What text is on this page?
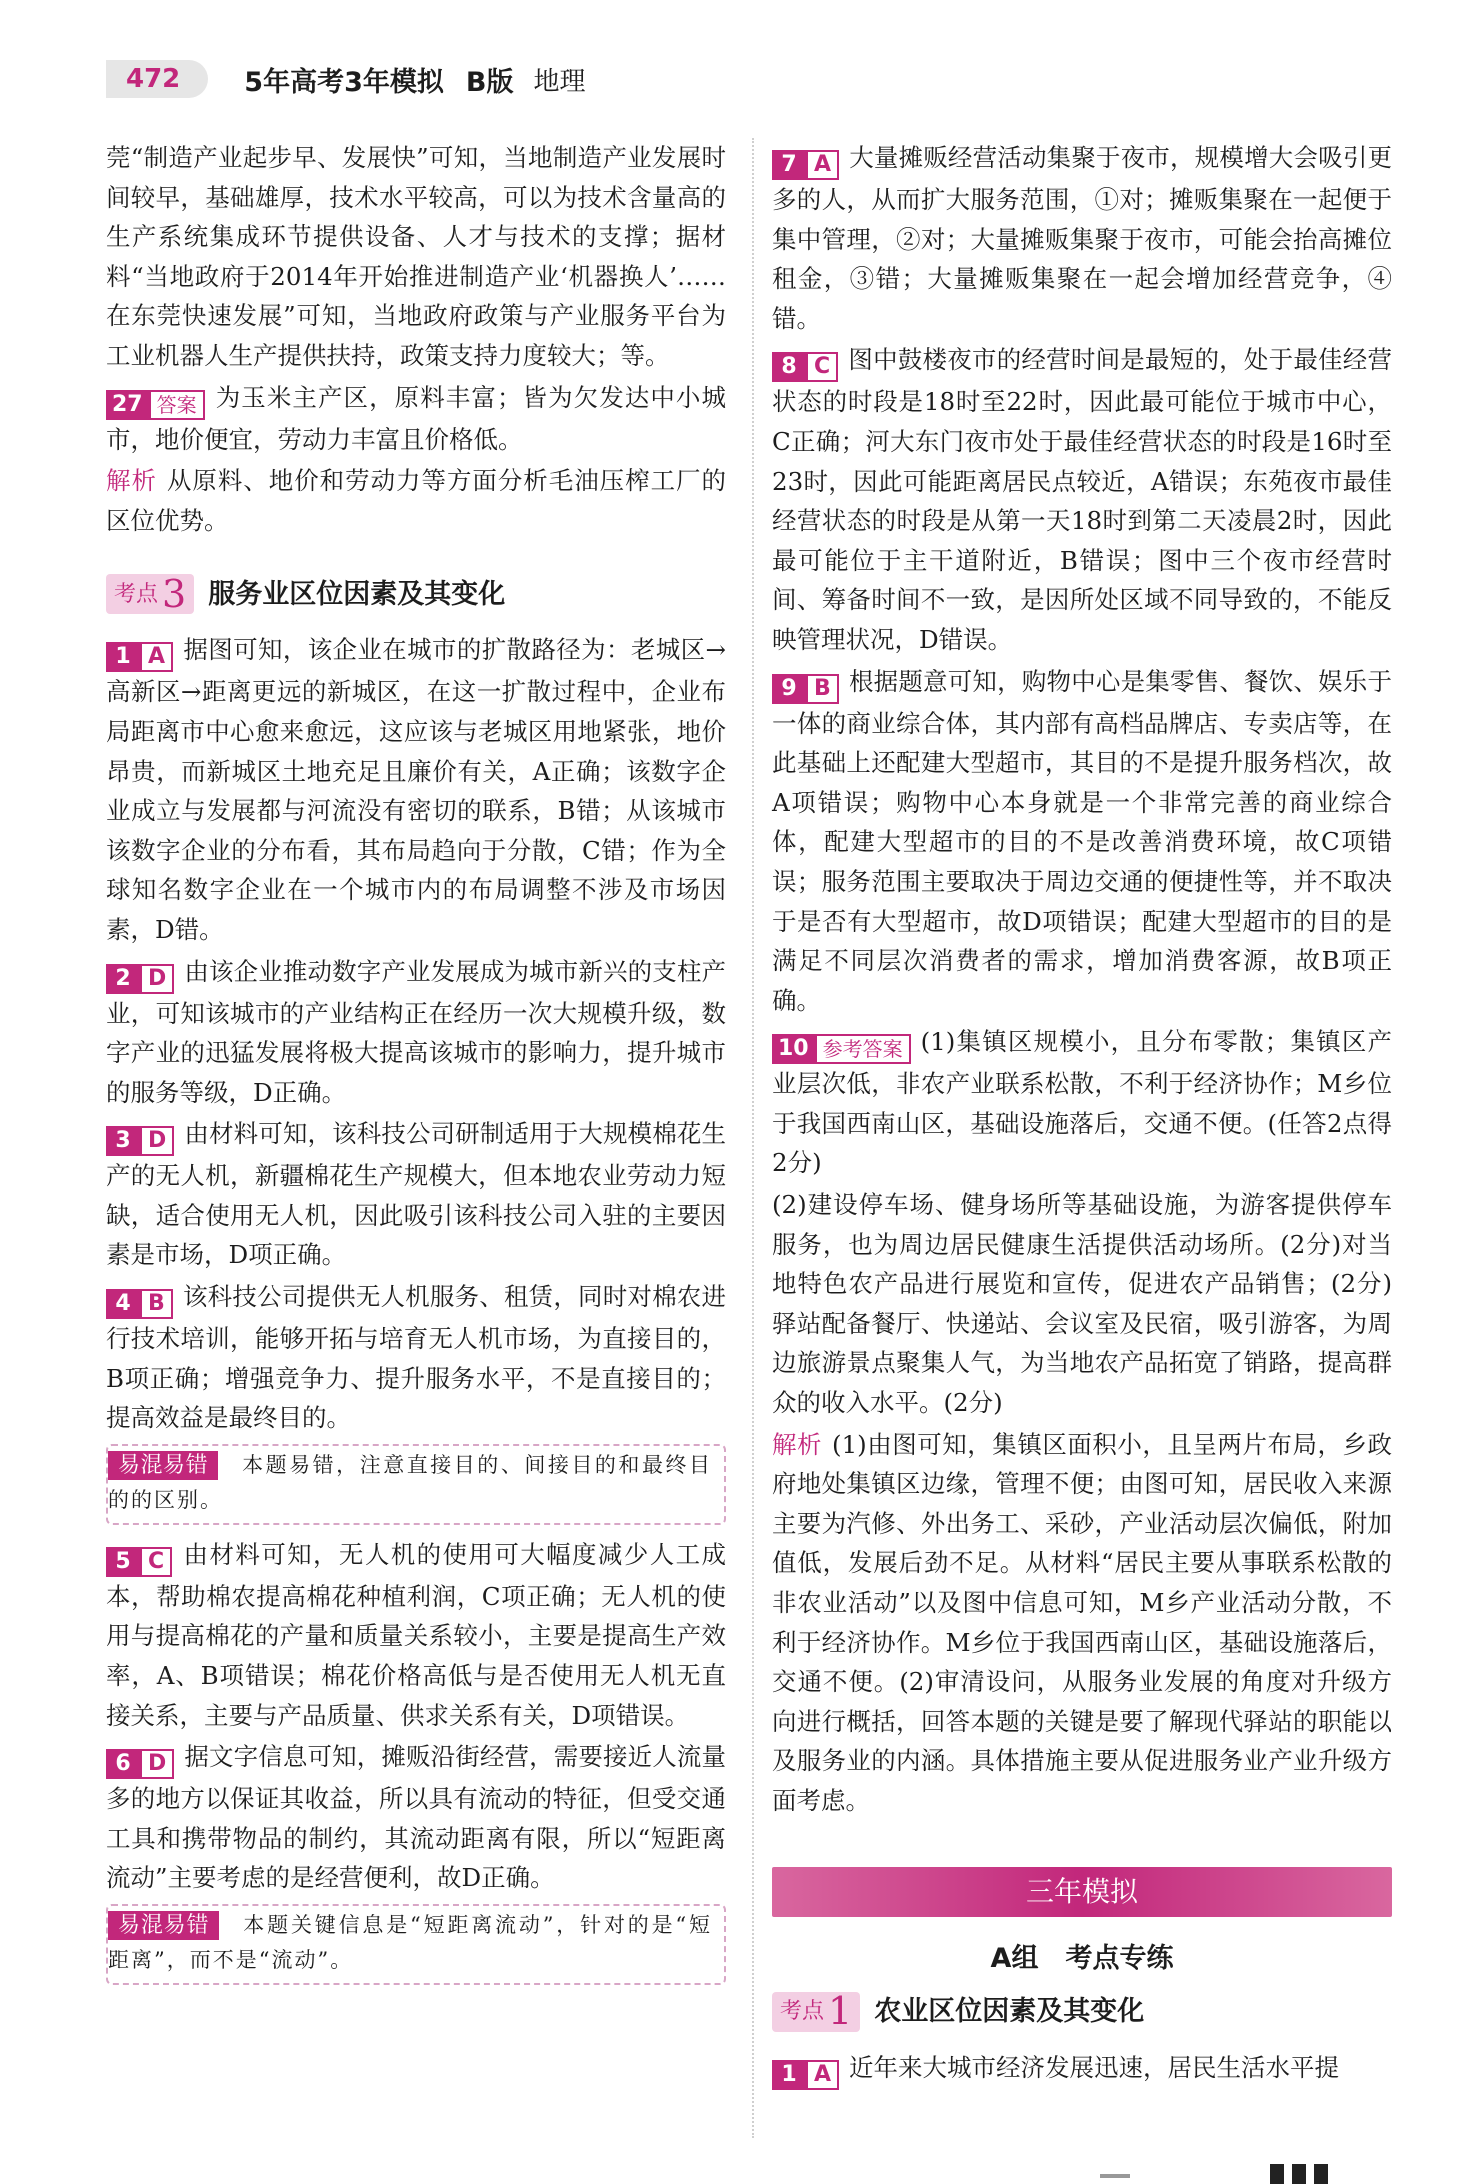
472	5年高考3年模拟 B版 地理

莞“制造产业起步早、发展快”可知，当地制造产业发展时间较早，基础雄厚，技术水平较高，可以为技术含量高的生产系统集成环节提供设备、人才与技术的支撑；据材料“当地政府于2014年开始推进制造产业‘机器换人’……在东莞快速发展”可知，当地政府政策与产业服务平台为工业机器人生产提供扶持，政策支持力度较大；等。

27 答案 为玉米主产区，原料丰富；皆为欠发达中小城市，地价便宜，劳动力丰富且价格低。

解析 从原料、地价和劳动力等方面分析毛油压榨工厂的区位优势。

考点 3 服务业区位因素及其变化

1 A 据图可知，该企业在城市的扩散路径为：老城区→高新区→距离更远的新城区，在这一扩散过程中，企业布局距离市中心愈来愈远，这应该与老城区用地紧张，地价昂贵，而新城区土地充足且廉价有关，A正确；该数字企业成立与发展都与河流没有密切的联系，B错；从该城市该数字企业的分布看，其布局趋向于分散，C错；作为全球知名数字企业在一个城市内的布局调整不涉及市场因素，D错。

2 D 由该企业推动数字产业发展成为城市新兴的支柱产业，可知该城市的产业结构正在经历一次大规模升级，数字产业的迅猛发展将极大提高该城市的影响力，提升城市的服务等级，D正确。

3 D 由材料可知，该科技公司研制适用于大规模棉花生产的无人机，新疆棉花生产规模大，但本地农业劳动力短缺，适合使用无人机，因此吸引该科技公司入驻的主要因素是市场，D项正确。

4 B 该科技公司提供无人机服务、租赁，同时对棉农进行技术培训，能够开拓与培育无人机市场，为直接目的，B项正确；增强竞争力、提升服务水平，不是直接目的；提高效益是最终目的。

易混易错 本题易错，注意直接目的、间接目的和最终目的的区别。

5 C 由材料可知，无人机的使用可大幅度减少人工成本，帮助棉农提高棉花种植利润，C项正确；无人机的使用与提高棉花的产量和质量关系较小，主要是提高生产效率，A、B项错误；棉花价格高低与是否使用无人机无直接关系，主要与产品质量、供求关系有关，D项错误。

6 D 据文字信息可知，摊贩沿街经营，需要接近人流量多的地方以保证其收益，所以具有流动的特征，但受交通工具和携带物品的制约，其流动距离有限，所以“短距离流动”主要考虑的是经营便利，故D正确。

易混易错 本题关键信息是“短距离流动”，针对的是“短距离”，而不是“流动”。

7 A 大量摊贩经营活动集聚于夜市，规模增大会吸引更多的人，从而扩大服务范围，①对；摊贩集聚在一起便于集中管理，②对；大量摊贩集聚于夜市，可能会抬高摊位租金，③错；大量摊贩集聚在一起会增加经营竞争，④错。

8 C 图中鼓楼夜市的经营时间是最短的，处于最佳经营状态的时段是18时至22时，因此最可能位于城市中心，C正确；河大东门夜市处于最佳经营状态的时段是16时至23时，因此可能距离居民点较近，A错误；东苑夜市最佳经营状态的时段是从第一天18时到第二天凌晨2时，因此最可能位于主干道附近，B错误；图中三个夜市经营时间、筹备时间不一致，是因所处区域不同导致的，不能反映管理状况，D错误。

9 B 根据题意可知，购物中心是集零售、餐饮、娱乐于一体的商业综合体，其内部有高档品牌店、专卖店等，在此基础上还配建大型超市，其目的不是提升服务档次，故A项错误；购物中心本身就是一个非常完善的商业综合体，配建大型超市的目的不是改善消费环境，故C项错误；服务范围主要取决于周边交通的便捷性等，并不取决于是否有大型超市，故D项错误；配建大型超市的目的是满足不同层次消费者的需求，增加消费客源，故B项正确。

10 参考答案 (1)集镇区规模小，且分布零散；集镇区产业层次低，非农产业联系松散，不利于经济协作；M乡位于我国西南山区，基础设施落后，交通不便。(任答2点得2分)

(2)建设停车场、健身场所等基础设施，为游客提供停车服务，也为周边居民健康生活提供活动场所。(2分)对当地特色农产品进行展览和宣传，促进农产品销售；(2分)驿站配备餐厅、快递站、会议室及民宿，吸引游客，为周边旅游景点聚集人气，为当地农产品拓宽了销路，提高群众的收入水平。(2分)

解析 (1)由图可知，集镇区面积小，且呈两片布局，乡政府地处集镇区边缘，管理不便；由图可知，居民收入来源主要为汽修、外出务工、采砂，产业活动层次偏低，附加值低，发展后劲不足。从材料“居民主要从事联系松散的非农业活动”以及图中信息可知，M乡产业活动分散，不利于经济协作。M乡位于我国西南山区，基础设施落后，交通不便。(2)审清设问，从服务业发展的角度对升级方向进行概括，回答本题的关键是要了解现代驿站的职能以及服务业的内涵。具体措施主要从促进服务业产业升级方面考虑。

三年模拟
A组　考点专练
考点 1 农业区位因素及其变化

1 A 近年来大城市经济发展迅速，居民生活水平提
